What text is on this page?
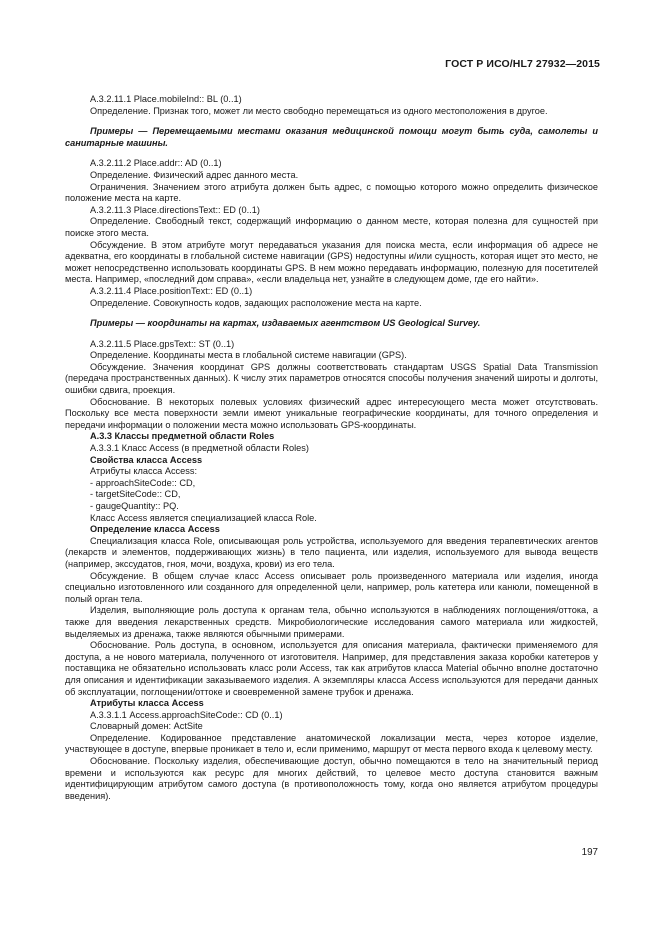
ГОСТ Р ИСО/HL7 27932—2015

А.3.2.11.1 Place.mobileInd:: BL (0..1)

Определение. Признак того, может ли место свободно перемещаться из одного местоположения в другое.

Примеры — Перемещаемыми местами оказания медицинской помощи могут быть суда, самолеты и санитарные машины.

А.3.2.11.2 Place.addr:: AD (0..1)

Определение. Физический адрес данного места.

Ограничения. Значением этого атрибута должен быть адрес, с помощью которого можно определить физическое положение места на карте.

А.3.2.11.3 Place.directionsText:: ED (0..1)

Определение. Свободный текст, содержащий информацию о данном месте, которая полезна для сущностей при поиске этого места.

Обсуждение. В этом атрибуте могут передаваться указания для поиска места, если информация об адресе не адекватна, его координаты в глобальной системе навигации (GPS) недоступны и/или сущность, которая ищет это место, не может непосредственно использовать координаты GPS. В нем можно передавать информацию, полезную для посетителей места. Например, «последний дом справа», «если владельца нет, узнайте в следующем доме, где его найти».

А.3.2.11.4 Place.positionText:: ED (0..1)

Определение. Совокупность кодов, задающих расположение места на карте.

Примеры — координаты на картах, издаваемых агентством US Geological Survey.

А.3.2.11.5 Place.gpsText:: ST (0..1)

Определение. Координаты места в глобальной системе навигации (GPS).

Обсуждение. Значения координат GPS должны соответствовать стандартам USGS Spatial Data Transmission (передача пространственных данных). К числу этих параметров относятся способы получения значений широты и долготы, ошибки сдвига, проекция.

Обоснование. В некоторых полевых условиях физический адрес интересующего места может отсутствовать. Поскольку все места поверхности земли имеют уникальные географические координаты, для точного определения и передачи информации о положении места можно использовать GPS-координаты.

А.3.3 Классы предметной области Roles

А.3.3.1 Класс Access (в предметной области Roles)

Свойства класса Access

Атрибуты класса Access:

- approachSiteCode:: CD,

- targetSiteCode:: CD,

- gaugeQuantity:: PQ.

Класс Access является специализацией класса Role.

Определение класса Access

Специализация класса Role, описывающая роль устройства, используемого для введения терапевтических агентов (лекарств и элементов, поддерживающих жизнь) в тело пациента, или изделия, используемого для вывода веществ (например, экссудатов, гноя, мочи, воздуха, крови) из его тела.

Обсуждение. В общем случае класс Access описывает роль произведенного материала или изделия, иногда специально изготовленного или созданного для определенной цели, например, роль катетера или канюли, помещенной в полый орган тела.

Изделия, выполняющие роль доступа к органам тела, обычно используются в наблюдениях поглощения/оттока, а также для введения лекарственных средств. Микробиологические исследования самого материала или жидкостей, выделяемых из дренажа, также являются обычными примерами.

Обоснование. Роль доступа, в основном, используется для описания материала, фактически применяемого для доступа, а не нового материала, полученного от изготовителя. Например, для представления заказа коробки катетеров у поставщика не обязательно использовать класс роли Access, так как атрибутов класса Material обычно вполне достаточно для описания и идентификации заказываемого изделия. А экземпляры класса Access используются для передачи данных об эксплуатации, поглощении/оттоке и своевременной замене трубок и дренажа.

Атрибуты класса Access

А.3.3.1.1 Access.approachSiteCode:: CD (0..1)

Словарный домен: ActSite

Определение. Кодированное представление анатомической локализации места, через которое изделие, участвующее в доступе, впервые проникает в тело и, если применимо, маршрут от места первого входа к целевому месту.

Обоснование. Поскольку изделия, обеспечивающие доступ, обычно помещаются в тело на значительный период времени и используются как ресурс для многих действий, то целевое место доступа становится важным идентифицирующим атрибутом самого доступа (в противоположность тому, когда оно является атрибутом процедуры введения).

197
